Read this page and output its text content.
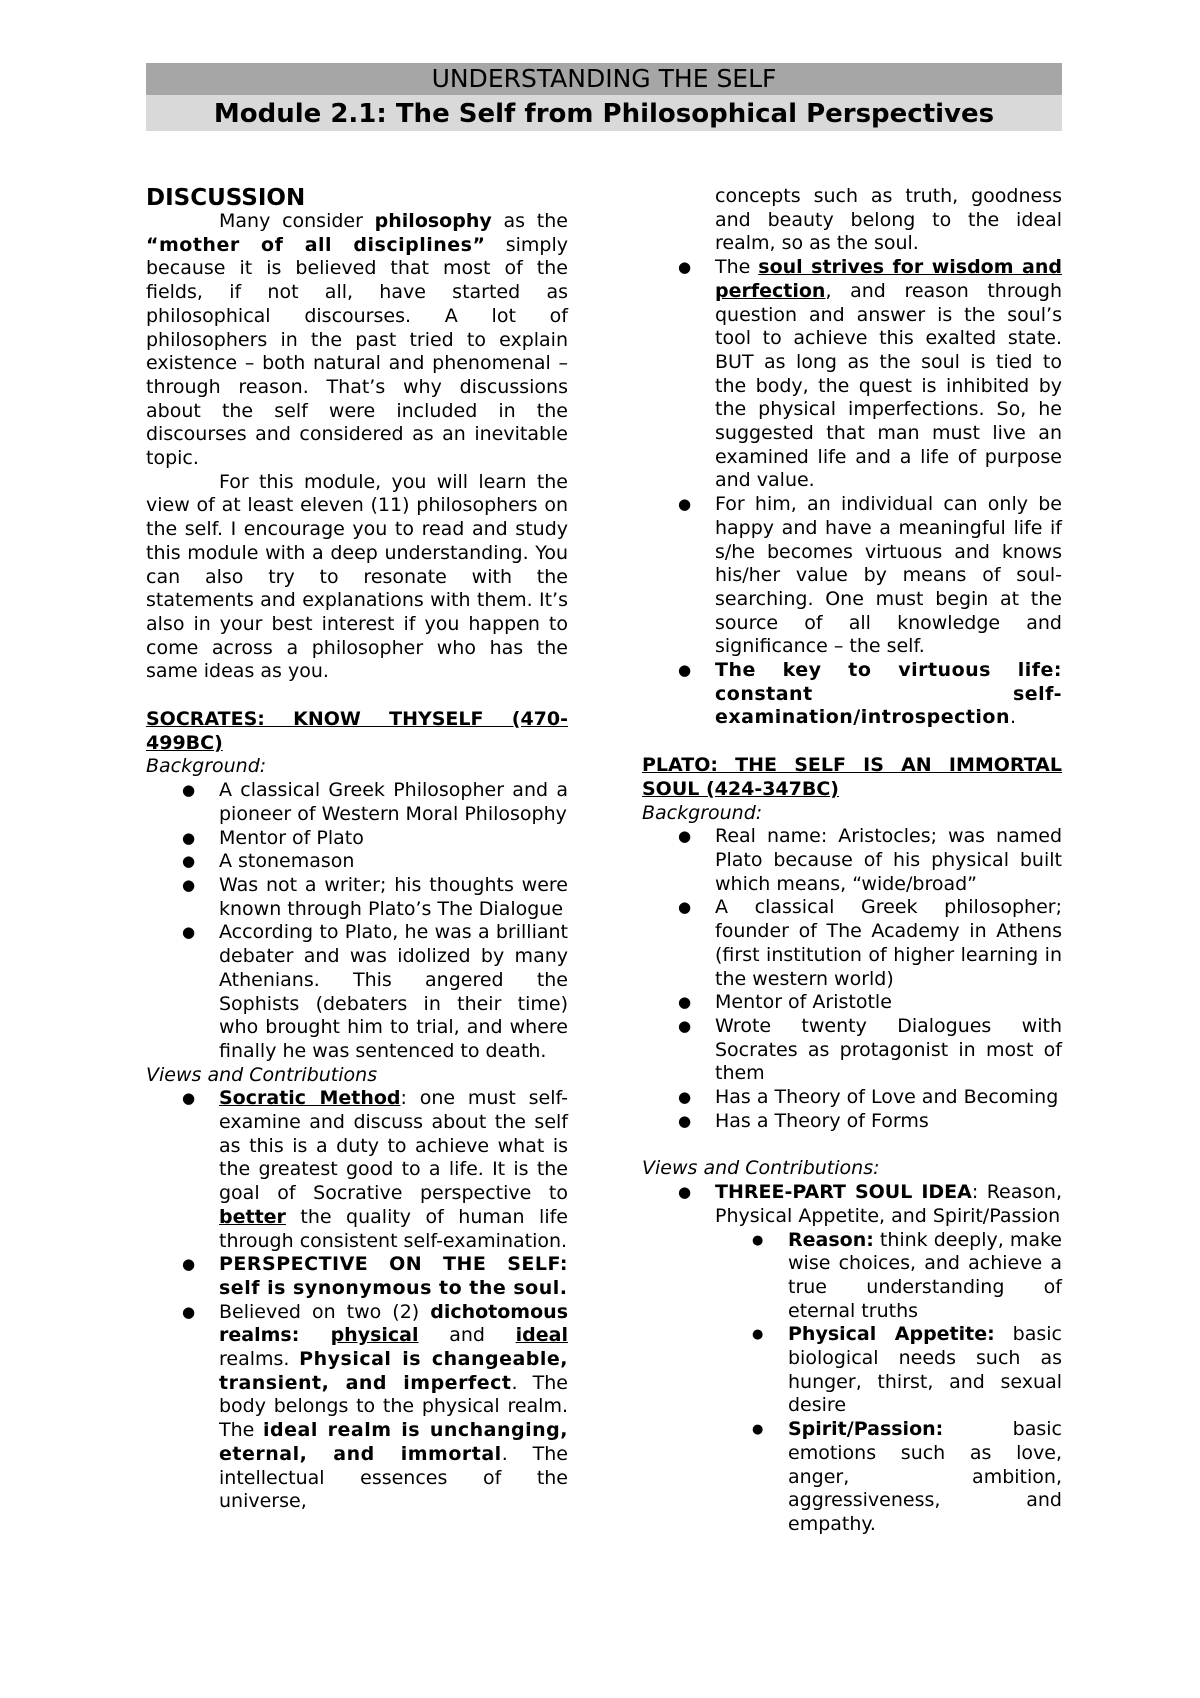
UNDERSTANDING THE SELF
Module 2.1: The Self from Philosophical Perspectives

DISCUSSION

Many consider philosophy as the “mother of all disciplines” simply because it is believed that most of the fields, if not all, have started as philosophical discourses. A lot of philosophers in the past tried to explain existence – both natural and phenomenal – through reason. That’s why discussions about the self were included in the discourses and considered as an inevitable topic.

For this module, you will learn the view of at least eleven (11) philosophers on the self. I encourage you to read and study this module with a deep understanding. You can also try to resonate with the statements and explanations with them. It’s also in your best interest if you happen to come across a philosopher who has the same ideas as you.

SOCRATES: KNOW THYSELF (470-499BC)

Background:

● A classical Greek Philosopher and a pioneer of Western Moral Philosophy
● Mentor of Plato
● A stonemason
● Was not a writer; his thoughts were known through Plato’s The Dialogue
● According to Plato, he was a brilliant debater and was idolized by many Athenians. This angered the Sophists (debaters in their time) who brought him to trial, and where finally he was sentenced to death.

Views and Contributions

● Socratic Method: one must self-examine and discuss about the self as this is a duty to achieve what is the greatest good to a life. It is the goal of Socrative perspective to better the quality of human life through consistent self-examination.
● PERSPECTIVE ON THE SELF: self is synonymous to the soul.
● Believed on two (2) dichotomous realms: physical and ideal realms. Physical is changeable, transient, and imperfect. The body belongs to the physical realm. The ideal realm is unchanging, eternal, and immortal. The intellectual essences of the universe,
concepts such as truth, goodness and beauty belong to the ideal realm, so as the soul.
● The soul strives for wisdom and perfection, and reason through question and answer is the soul’s tool to achieve this exalted state. BUT as long as the soul is tied to the body, the quest is inhibited by the physical imperfections. So, he suggested that man must live an examined life and a life of purpose and value.
● For him, an individual can only be happy and have a meaningful life if s/he becomes virtuous and knows his/her value by means of soul-searching. One must begin at the source of all knowledge and significance – the self.
● The key to virtuous life: constant self-examination/introspection.

PLATO: THE SELF IS AN IMMORTAL SOUL (424-347BC)

Background:

● Real name: Aristocles; was named Plato because of his physical built which means, “wide/broad”
● A classical Greek philosopher; founder of The Academy in Athens (first institution of higher learning in the western world)
● Mentor of Aristotle
● Wrote twenty Dialogues with Socrates as protagonist in most of them
● Has a Theory of Love and Becoming
● Has a Theory of Forms

Views and Contributions:

● THREE-PART SOUL IDEA: Reason, Physical Appetite, and Spirit/Passion
● Reason: think deeply, make wise choices, and achieve a true understanding of eternal truths
● Physical Appetite: basic biological needs such as hunger, thirst, and sexual desire
● Spirit/Passion: basic emotions such as love, anger, ambition, aggressiveness, and empathy.
